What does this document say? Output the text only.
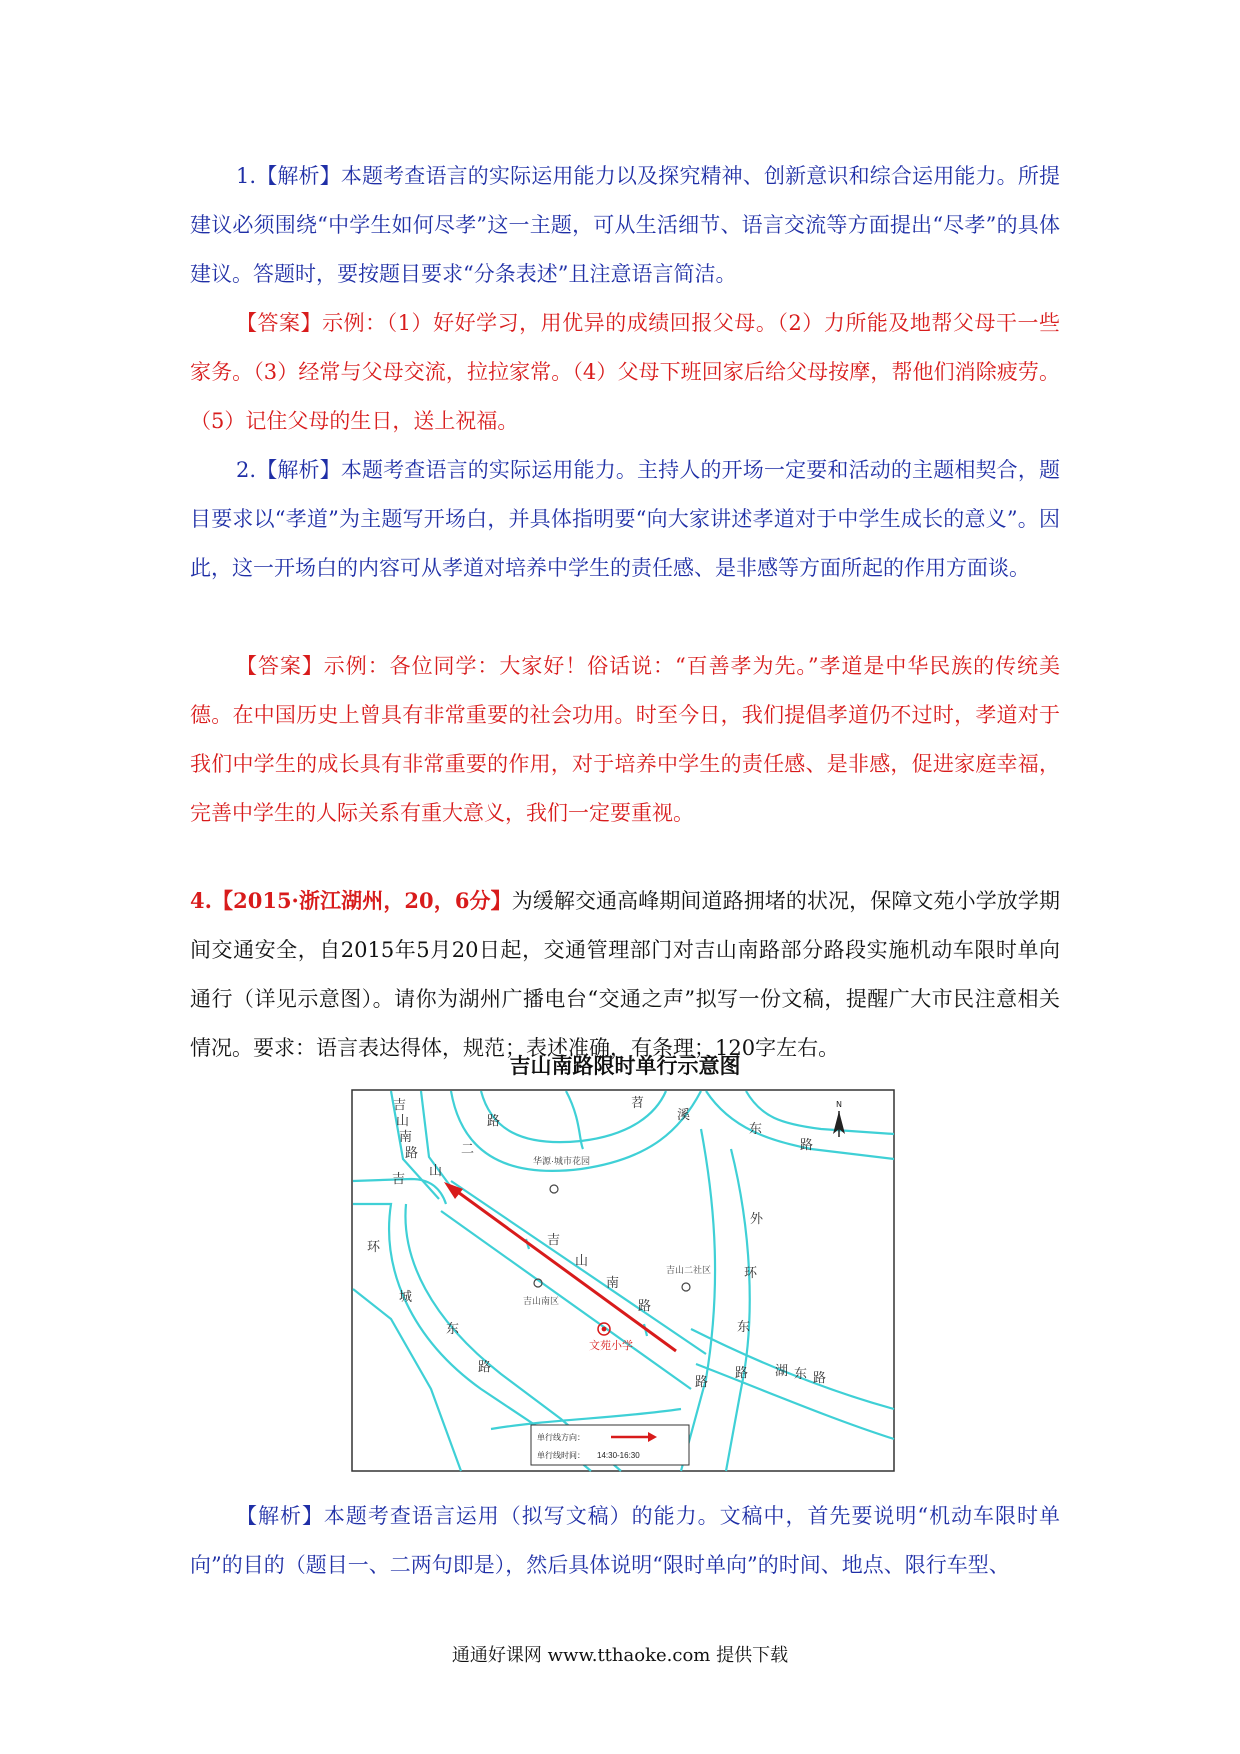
1.【解析】本题考查语言的实际运用能力以及探究精神、创新意识和综合运用能力。所提建议必须围绕“中学生如何尽孝”这一主题，可从生活细节、语言交流等方面提出“尽孝”的具体建议。答题时，要按题目要求“分条表述”且注意语言简洁。

【答案】示例：（1）好好学习，用优异的成绩回报父母。（2）力所能及地帮父母干一些家务。（3）经常与父母交流，拉拉家常。（4）父母下班回家后给父母按摩，帮他们消除疲劳。（5）记住父母的生日，送上祝福。

2.【解析】本题考查语言的实际运用能力。主持人的开场一定要和活动的主题相契合，题目要求以“孝道”为主题写开场白，并具体指明要“向大家讲述孝道对于中学生成长的意义”。因此，这一开场白的内容可从孝道对培养中学生的责任感、是非感等方面所起的作用方面谈。

【答案】示例：各位同学：大家好！俗话说：“百善孝为先。”孝道是中华民族的传统美德。在中国历史上曾具有非常重要的社会功用。时至今日，我们提倡孝道仍不过时，孝道对于我们中学生的成长具有非常重要的作用，对于培养中学生的责任感、是非感，促进家庭幸福，完善中学生的人际关系有重大意义，我们一定要重视。

4.【2015·浙江湖州，20，6分】为缓解交通高峰期间道路拥堵的状况，保障文苑小学放学期间交通安全，自2015年5月20日起，交通管理部门对吉山南路部分路段实施机动车限时单向通行（详见示意图）。请你为湖州广播电台“交通之声”拟写一份文稿，提醒广大市民注意相关情况。要求：语言表达得体，规范；表述准确，有条理；120字左右。

吉山南路限时单行示意图

N
吉
山
南
路
路
二
山
苕
溪
东
路
吉
环
城
东
路
吉
山
南
路
外
环
东
路 湖 东 路
路
华源·城市花园
吉山二社区
吉山南区
文苑小学
单行线方向：
单行线时间： 14:30-16:30

【解析】本题考查语言运用（拟写文稿）的能力。文稿中，首先要说明“机动车限时单向”的目的（题目一、二两句即是），然后具体说明“限时单向”的时间、地点、限行车型、

通通好课网 www.tthaoke.com 提供下载
